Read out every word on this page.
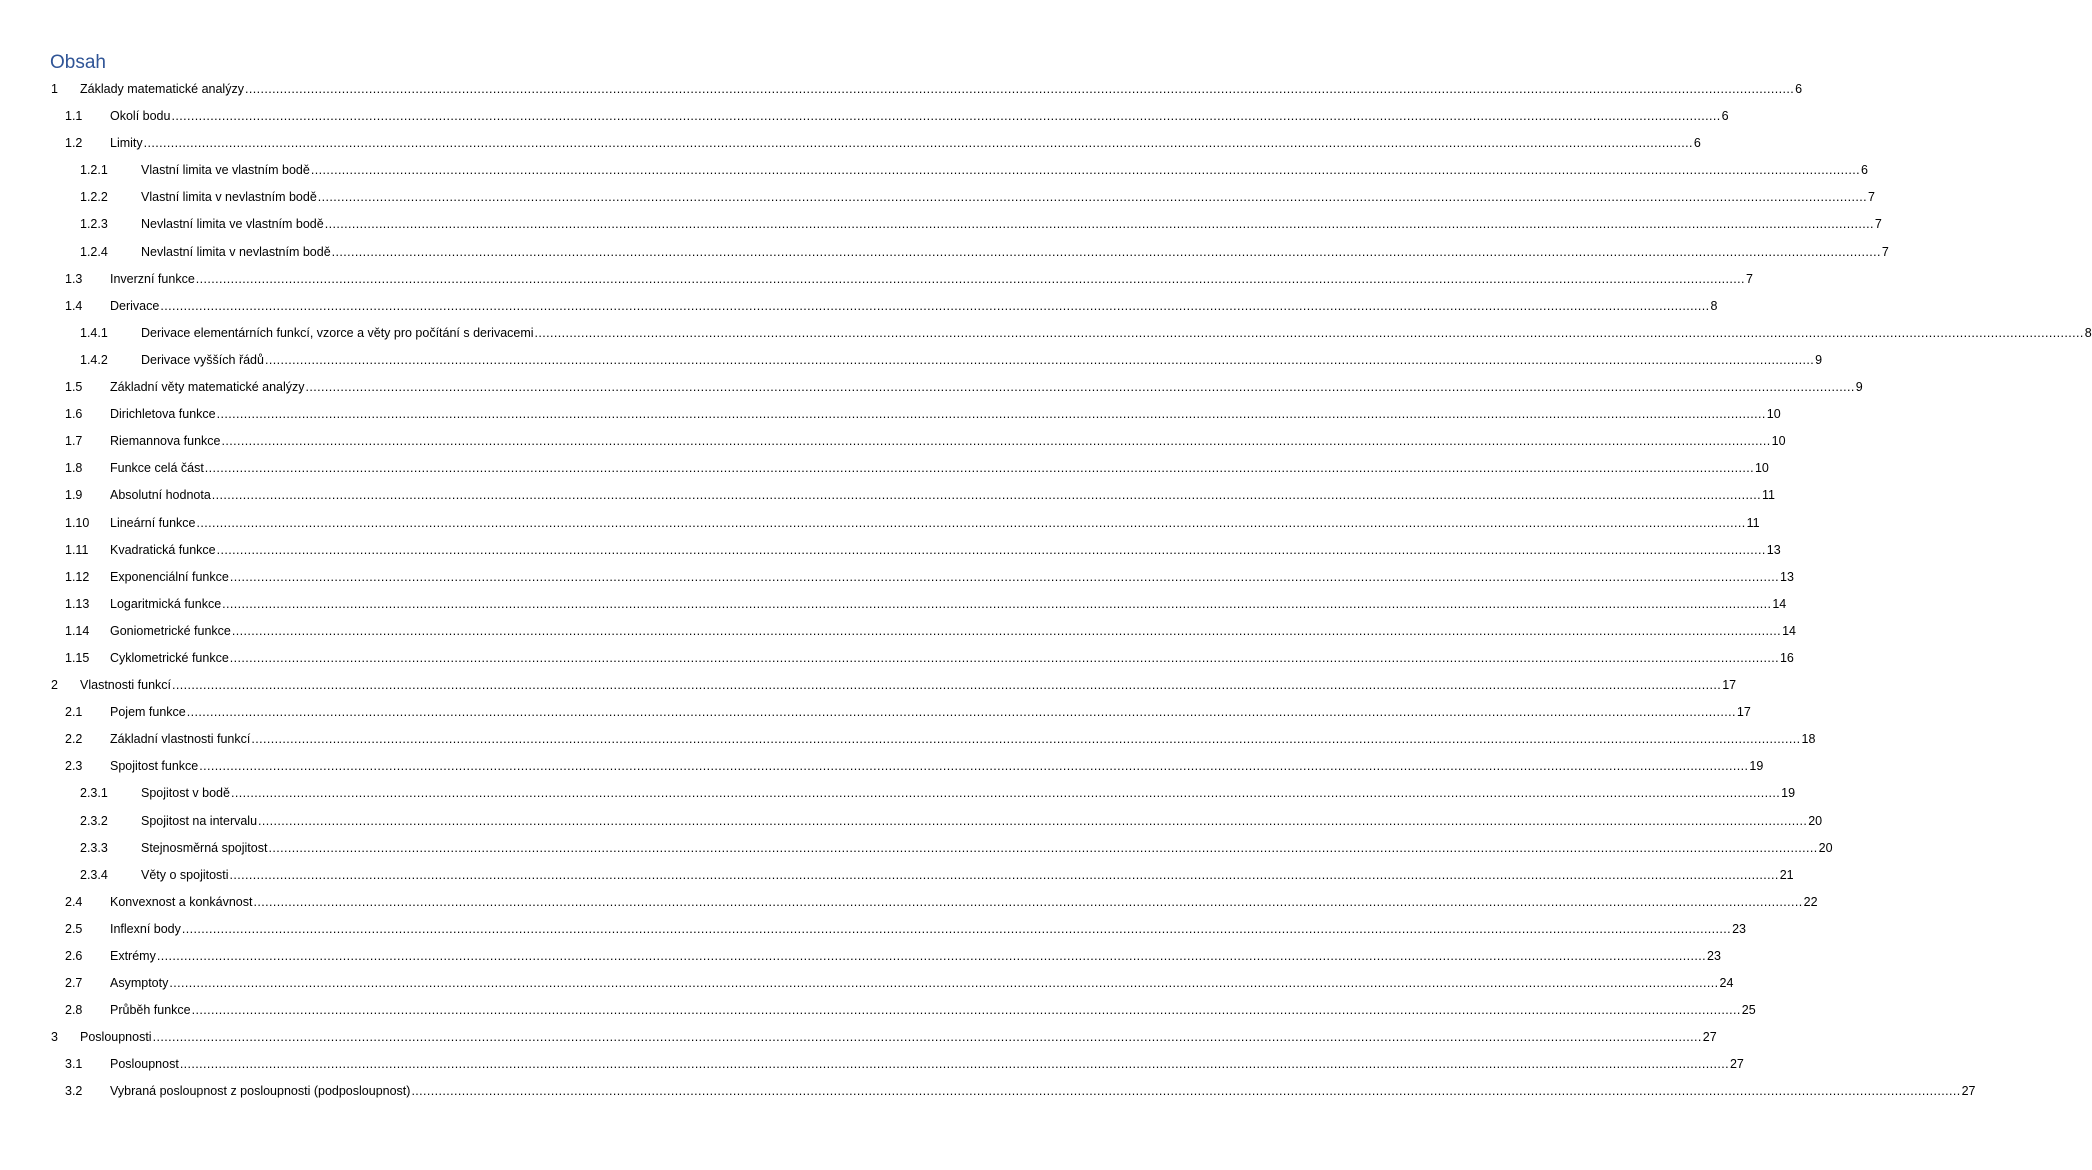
Obsah
1 Základy matematické analýzy ................................................................................................................................................................................................................................................................................................................................................................................................................ 6
1.1 Okolí bodu ................................................................................................................................................................................................................................................................................................................................................................................................................ 6
1.2 Limity ................................................................................................................................................................................................................................................................................................................................................................................................................ 6
1.2.1	Vlastní limita ve vlastním bodě ................................................................................................................................................................................................................................................................................................................................................................................................................ 6
1.2.2	Vlastní limita v nevlastním bodě ................................................................................................................................................................................................................................................................................................................................................................................................................ 7
1.2.3	Nevlastní limita ve vlastním bodě ................................................................................................................................................................................................................................................................................................................................................................................................................ 7
1.2.4	Nevlastní limita v nevlastním bodě ................................................................................................................................................................................................................................................................................................................................................................................................................ 7
1.3 Inverzní funkce ................................................................................................................................................................................................................................................................................................................................................................................................................ 7
1.4 Derivace ................................................................................................................................................................................................................................................................................................................................................................................................................ 8
1.4.1	Derivace elementárních funkcí, vzorce a věty pro počítání s derivacemi ................................................................................................................................................................................................................................................................................................................................................................................................................ 8
1.4.2	Derivace vyšších řádů ................................................................................................................................................................................................................................................................................................................................................................................................................ 9
1.5 Základní věty matematické analýzy ................................................................................................................................................................................................................................................................................................................................................................................................................ 9
1.6 Dirichletova funkce ................................................................................................................................................................................................................................................................................................................................................................................................................ 10
1.7 Riemannova funkce ................................................................................................................................................................................................................................................................................................................................................................................................................ 10
1.8 Funkce celá část ................................................................................................................................................................................................................................................................................................................................................................................................................ 10
1.9 Absolutní hodnota ................................................................................................................................................................................................................................................................................................................................................................................................................ 11
1.10 Lineární funkce ................................................................................................................................................................................................................................................................................................................................................................................................................ 11
1.11 Kvadratická funkce ................................................................................................................................................................................................................................................................................................................................................................................................................ 13
1.12 Exponenciální funkce ................................................................................................................................................................................................................................................................................................................................................................................................................ 13
1.13 Logaritmická funkce ................................................................................................................................................................................................................................................................................................................................................................................................................ 14
1.14 Goniometrické funkce ................................................................................................................................................................................................................................................................................................................................................................................................................ 14
1.15 Cyklometrické funkce ................................................................................................................................................................................................................................................................................................................................................................................................................ 16
2 Vlastnosti funkcí ................................................................................................................................................................................................................................................................................................................................................................................................................ 17
2.1 Pojem funkce ................................................................................................................................................................................................................................................................................................................................................................................................................ 17
2.2 Základní vlastnosti funkcí ................................................................................................................................................................................................................................................................................................................................................................................................................ 18
2.3 Spojitost funkce ................................................................................................................................................................................................................................................................................................................................................................................................................ 19
2.3.1	Spojitost v bodě ................................................................................................................................................................................................................................................................................................................................................................................................................ 19
2.3.2	Spojitost na intervalu ................................................................................................................................................................................................................................................................................................................................................................................................................ 20
2.3.3	Stejnosměrná spojitost ................................................................................................................................................................................................................................................................................................................................................................................................................ 20
2.3.4	Věty o spojitosti ................................................................................................................................................................................................................................................................................................................................................................................................................ 21
2.4 Konvexnost a konkávnost ................................................................................................................................................................................................................................................................................................................................................................................................................ 22
2.5 Inflexní body ................................................................................................................................................................................................................................................................................................................................................................................................................ 23
2.6 Extrémy ................................................................................................................................................................................................................................................................................................................................................................................................................ 23
2.7 Asymptoty ................................................................................................................................................................................................................................................................................................................................................................................................................ 24
2.8 Průběh funkce ................................................................................................................................................................................................................................................................................................................................................................................................................ 25
3 Posloupnosti ................................................................................................................................................................................................................................................................................................................................................................................................................ 27
3.1 Posloupnost ................................................................................................................................................................................................................................................................................................................................................................................................................ 27
3.2 Vybraná posloupnost z posloupnosti (podposloupnost) ................................................................................................................................................................................................................................................................................................................................................................................................................ 27
